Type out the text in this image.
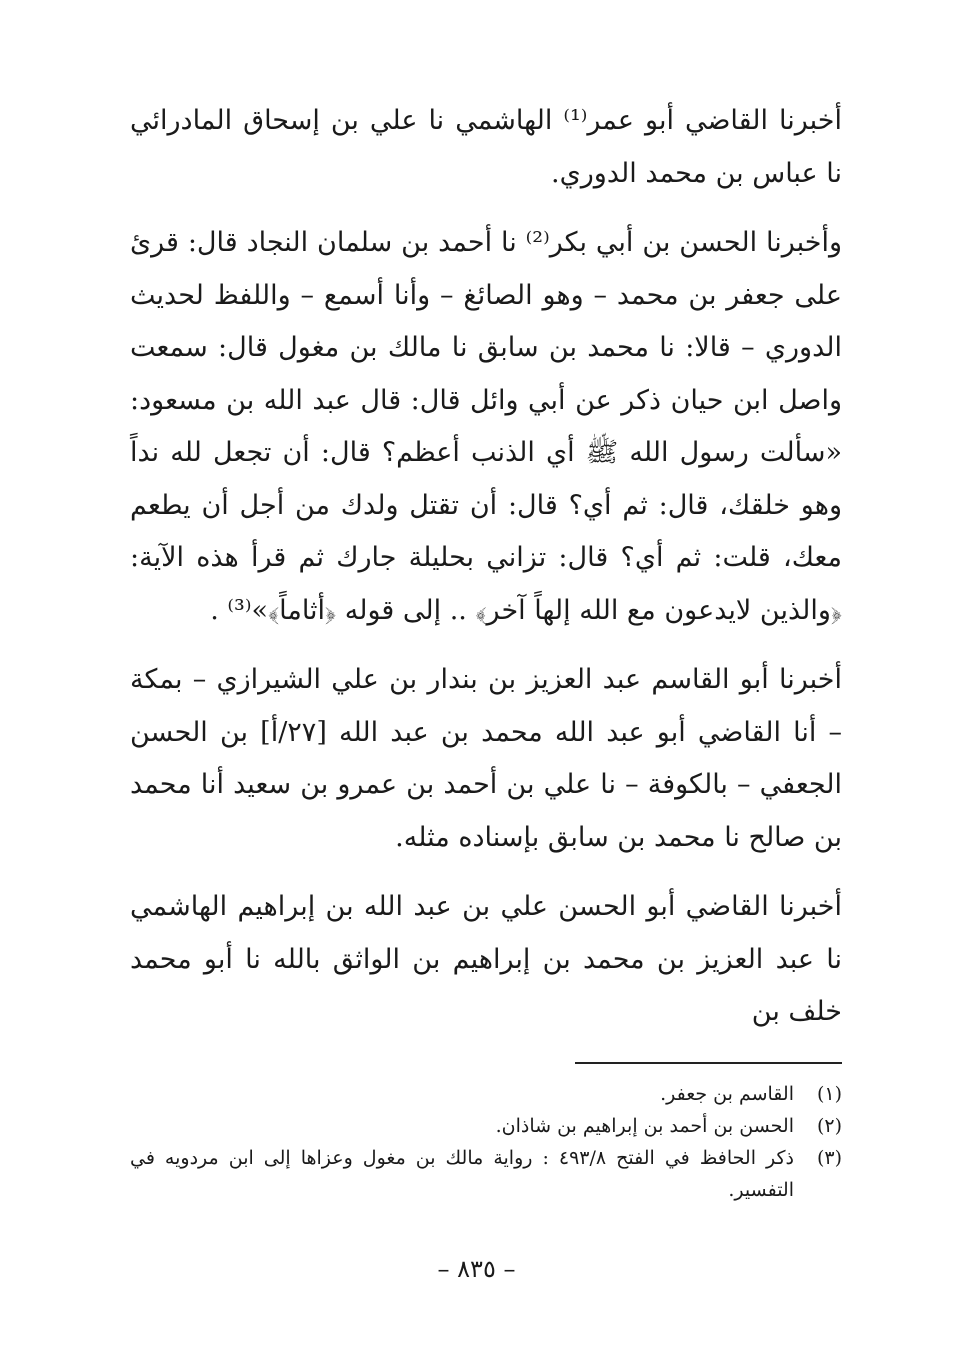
أخبرنا القاضي أبو عمر⁽¹⁾ الهاشمي نا علي بن إسحاق المادرائي نا عباس بن محمد الدوري.

وأخبرنا الحسن بن أبي بكر⁽²⁾ نا أحمد بن سلمان النجاد قال: قرئ على جعفر بن محمد – وهو الصائغ – وأنا أسمع – واللفظ لحديث الدوري – قالا: نا محمد بن سابق نا مالك بن مغول قال: سمعت واصل ابن حيان ذكر عن أبي وائل قال: قال عبد الله بن مسعود: «سألت رسول الله ﷺ أي الذنب أعظم؟ قال: أن تجعل لله نداً وهو خلقك، قال: ثم أي؟ قال: أن تقتل ولدك من أجل أن يطعم معك، قلت: ثم أي؟ قال: تزاني بحليلة جارك ثم قرأ هذه الآية: ﴿والذين لايدعون مع الله إلهاً آخر﴾ .. إلى قوله ﴿أثاماً﴾»⁽³⁾ .

أخبرنا أبو القاسم عبد العزيز بن بندار بن علي الشيرازي – بمكة – أنا القاضي أبو عبد الله محمد بن عبد الله [٢٧/أ] بن الحسن الجعفي – بالكوفة – نا علي بن أحمد بن عمرو بن سعيد أنا محمد بن صالح نا محمد بن سابق بإسناده مثله.

أخبرنا القاضي أبو الحسن علي بن عبد الله بن إبراهيم الهاشمي نا عبد العزيز بن محمد بن إبراهيم بن الواثق بالله نا أبو محمد خلف بن

(١)
القاسم بن جعفر.
(٢)
الحسن بن أحمد بن إبراهيم بن شاذان.
(٣)
ذكر الحافظ في الفتح ٤٩٣/٨ : رواية مالك بن مغول وعزاها إلى ابن مردويه في التفسير.
– ٨٣٥ –
